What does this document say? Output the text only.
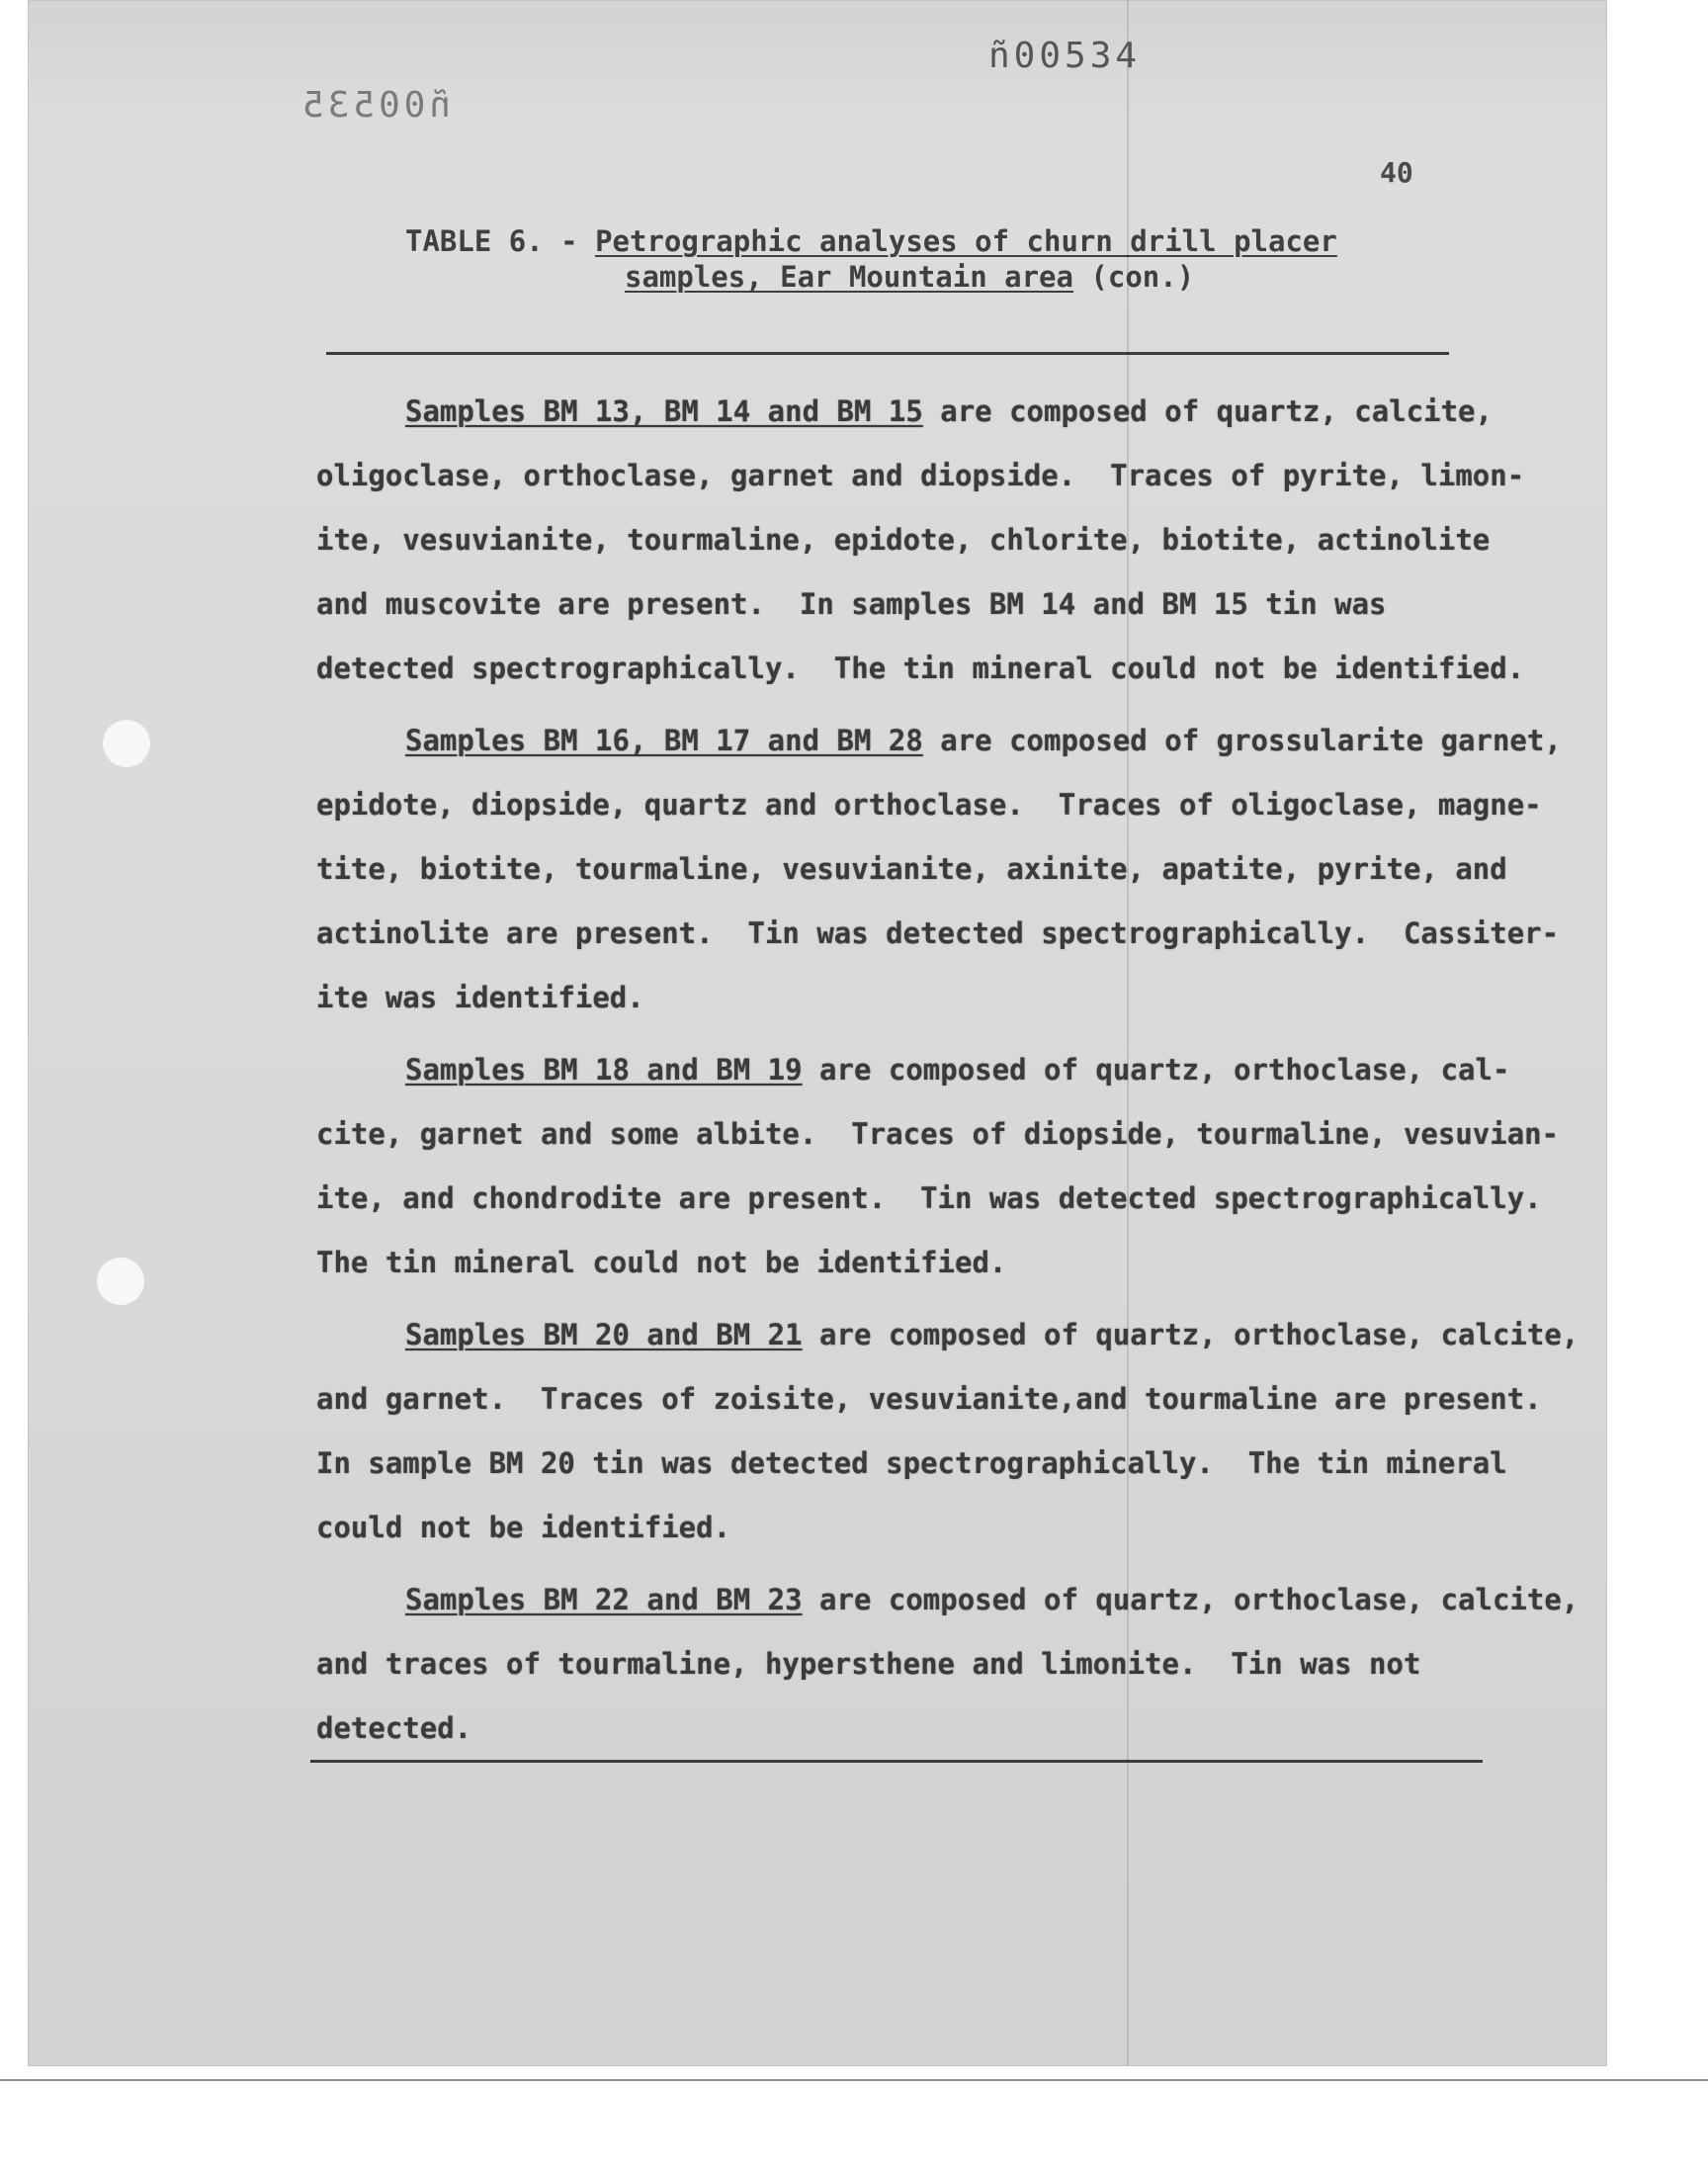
ñ00534
ñ00535
40
TABLE 6. - Petrographic analyses of churn drill placer
samples, Ear Mountain area (con.)
Samples BM 13, BM 14 and BM 15 are composed of quartz, calcite,
oligoclase, orthoclase, garnet and diopside.  Traces of pyrite, limon-
ite, vesuvianite, tourmaline, epidote, chlorite, biotite, actinolite
and muscovite are present.  In samples BM 14 and BM 15 tin was
detected spectrographically.  The tin mineral could not be identified.
Samples BM 16, BM 17 and BM 28 are composed of grossularite garnet,
epidote, diopside, quartz and orthoclase.  Traces of oligoclase, magne-
tite, biotite, tourmaline, vesuvianite, axinite, apatite, pyrite, and
actinolite are present.  Tin was detected spectrographically.  Cassiter-
ite was identified.
Samples BM 18 and BM 19 are composed of quartz, orthoclase, cal-
cite, garnet and some albite.  Traces of diopside, tourmaline, vesuvian-
ite, and chondrodite are present.  Tin was detected spectrographically.
The tin mineral could not be identified.
Samples BM 20 and BM 21 are composed of quartz, orthoclase, calcite,
and garnet.  Traces of zoisite, vesuvianite,and tourmaline are present.
In sample BM 20 tin was detected spectrographically.  The tin mineral
could not be identified.
Samples BM 22 and BM 23 are composed of quartz, orthoclase, calcite,
and traces of tourmaline, hypersthene and limonite.  Tin was not
detected.
